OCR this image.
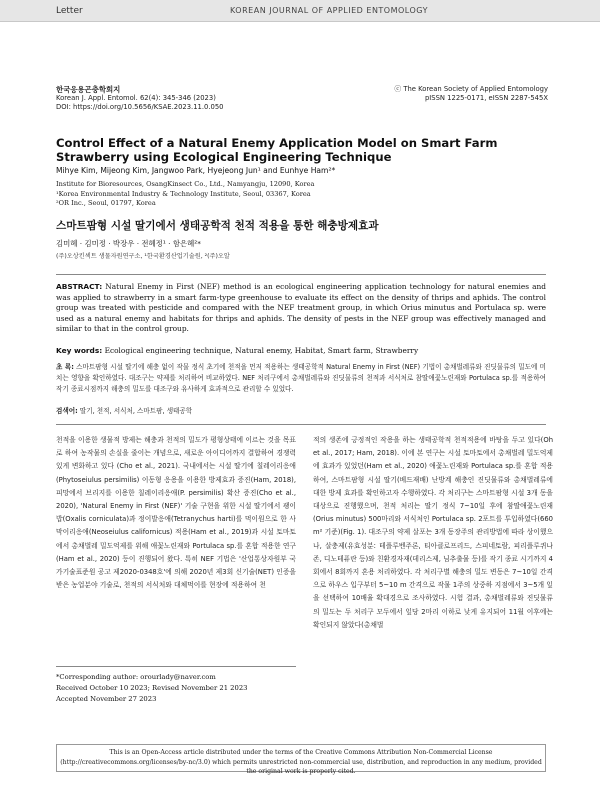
Letter	KOREAN JOURNAL OF APPLIED ENTOMOLOGY
한국응용곤충학회지
Korean J. Appl. Entomol. 62(4): 345-346 (2023)
DOI: https://doi.org/10.5656/KSAE.2023.11.0.050
ⓒ The Korean Society of Applied Entomology
pISSN 1225-0171, eISSN 2287-545X
Control Effect of a Natural Enemy Application Model on Smart Farm Strawberry using Ecological Engineering Technique
Mihye Kim, Mijeong Kim, Jangwoo Park, Hyejeong Jun¹ and Eunhye Ham²*
Institute for Bioresources, OsangKinsect Co., Ltd., Namyangju, 12090, Korea
¹Korea Environmental Industry & Technology Institute, Seoul, 03367, Korea
²OR Inc., Seoul, 01797, Korea
스마트팜형 시설 딸기에서 생태공학적 천적 적용을 통한 해충방제효과
김미혜 · 김미정 · 박장우 · 전혜정¹ · 함은혜²*
(주)오상킨섹트 생물자원연구소, ¹한국환경산업기술원, ²(주)오알
ABSTRACT: Natural Enemy in First (NEF) method is an ecological engineering application technology for natural enemies and was applied to strawberry in a smart farm-type greenhouse to evaluate its effect on the density of thrips and aphids. The control group was treated with pesticide and compared with the NEF treatment group, in which Orius minutus and Portulaca sp. were used as a natural enemy and habitats for thrips and aphids. The density of pests in the NEF group was effectively managed and similar to that in the control group.
Key words: Ecological engineering technique, Natural enemy, Habitat, Smart farm, Strawberry
초 록: 스마트팜형 시설 딸기에 해충 없이 작물 정식 초기에 천적을 먼저 적용하는 생태공학적 Natural Enemy in First (NEF) 기법이 총채벌레류와 진딧물류의 밀도에 미치는 영향을 확인하였다. 대조구는 약제를 처리하여 비교하였다. NEF 처리구에서 총채벌레류와 진딧물류의 천적과 서식처로 참딸애꽃노린재와 Portulaca sp.를 적용하여 작기 종료시점까지 해충의 밀도를 대조구와 유사하게 효과적으로 관리할 수 있었다.
검색어: 딸기, 천적, 서식처, 스마트팜, 생태공학
천적을 이용한 생물적 방제는 해충과 천적의 밀도가 평형상태에 이르는 것을 목표로 하여 농작물의 손실을 줄이는 개념으로, 새로운 아이디어까지 결합하여 경쟁력 있게 변화하고 있다 (Cho et al., 2021). 국내에서는 시설 딸기에 칠레이리응애(Phytoseiulus persimilis) 이동형 응용을 이용한 방제효과 증진(Ham, 2018), 피망에서 브리지를 이용한 칠레이리응애(P. persimilis) 확산 증진(Cho et al., 2020), 'Natural Enemy in First (NEF)' 기술 구현을 위한 시설 딸기에서 괭이밥(Oxalis corniculata)과 정이발응애(Tetranychus harti)를 먹이원으로 한 사막이리응애(Neoseiulus californicus) 적용(Ham et al., 2019)과 시설 토마토에서 총채벌레 밀도억제를 위해 애꽃노린재와 Portulaca sp.를 혼합 적용한 연구(Ham et al., 2020) 등이 진행되어 왔다. 특히 NEF 기법은 '산업통상자원부 국가기술표준원 공고 제2020-0348호'에 의해 2020년 제3회 신기술(NET) 인증을 받은 농업분야 기술로, 천적의 서식처와 대체먹이를 현장에 적용하여 천
적의 생존에 긍정적인 작용을 하는 생태공학적 천적적용에 바탕을 두고 있다(Oh et al., 2017; Ham, 2018). 이에 본 연구는 시설 토마토에서 총채벌레 밀도억제에 효과가 있었던(Ham et al., 2020) 애꽃노린재와 Portulaca sp.를 혼합 적용하여, 스마트팜형 시설 딸기(베드재배) 난방계 해충인 진딧물류와 총채벌레류에 대한 방제 효과를 확인하고자 수행하였다. 각 처리구는 스마트팜형 시설 3개 동을 대상으로 진행했으며, 천적 처리는 딸기 정식 7~10일 후에 참딸애꽃노린재(Orius minutus) 500마리와 서식처인 Portulaca sp. 2포트를 투입하였다(660 m² 기준)(Fig. 1). 대조구의 약제 살포는 3개 동장주의 관리방법에 따라 상이했으나, 살충제(유효성분: 테플루벤주론, 티아클로프리드, 스피네토람, 피리플루퀴나존, 디노테퓨란 등)와 친환경자재(데리스제, 님추출물 등)를 작기 종료 시기까지 4회에서 8회까지 혼용 처리하였다. 각 처리구별 해충의 밀도 변동은 7~10일 간격으로 하우스 입구부터 5~10 m 간격으로 작물 1주의 상중하 지점에서 3~5개 잎을 선택하여 10배율 확대경으로 조사하였다. 시험 결과, 총채벌레류와 진딧물류의 밀도는 두 처리구 모두에서 잎당 2마리 이하로 낮게 유지되어 11월 이후에는 확인되지 않았다(총채벌
*Corresponding author: orourlady@naver.com
Received October 10 2023; Revised November 21 2023
Accepted November 27 2023
This is an Open-Access article distributed under the terms of the Creative Commons Attribution Non-Commercial License (http://creativecommons.org/licenses/by-nc/3.0) which permits unrestricted non-commercial use, distribution, and reproduction in any medium, provided the original work is properly cited.
